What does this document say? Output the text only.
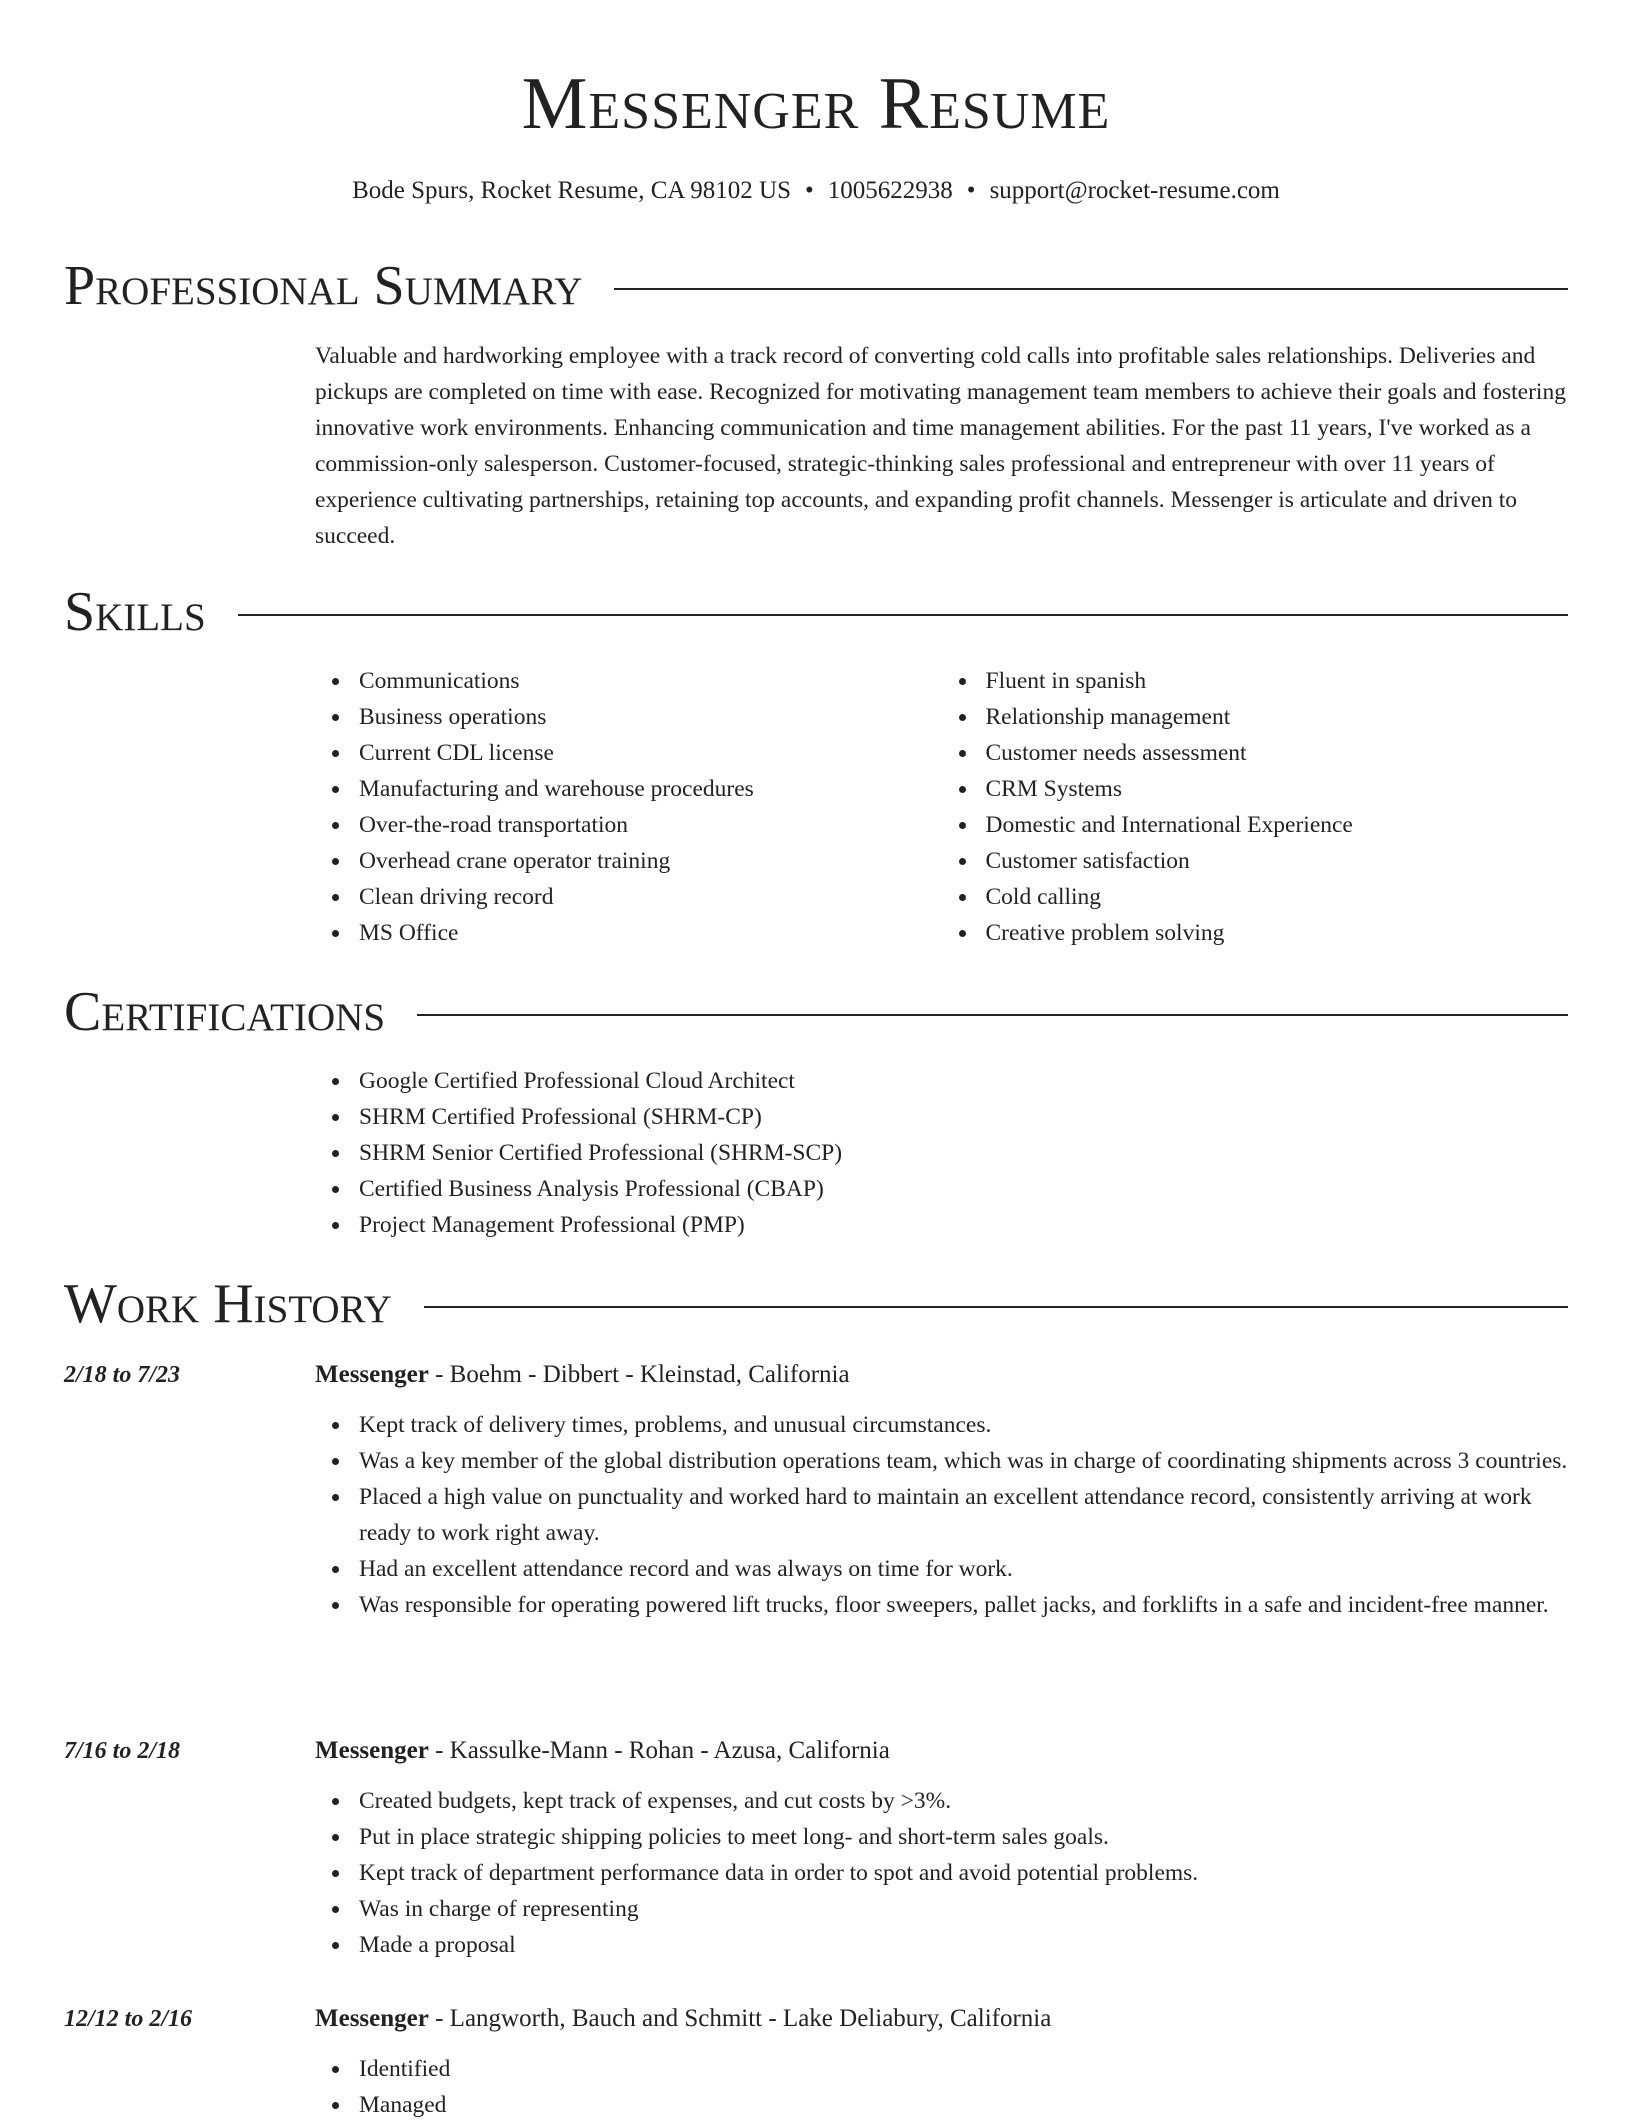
Messenger Resume
Bode Spurs, Rocket Resume, CA 98102 US • 1005622938 • support@rocket-resume.com
Professional Summary

Valuable and hardworking employee with a track record of converting cold calls into profitable sales relationships. Deliveries and pickups are completed on time with ease. Recognized for motivating management team members to achieve their goals and fostering innovative work environments. Enhancing communication and time management abilities. For the past 11 years, I've worked as a commission-only salesperson. Customer-focused, strategic-thinking sales professional and entrepreneur with over 11 years of experience cultivating partnerships, retaining top accounts, and expanding profit channels. Messenger is articulate and driven to succeed.

Skills
Communications
Business operations
Current CDL license
Manufacturing and warehouse procedures
Over-the-road transportation
Overhead crane operator training
Clean driving record
MS Office
Fluent in spanish
Relationship management
Customer needs assessment
CRM Systems
Domestic and International Experience
Customer satisfaction
Cold calling
Creative problem solving
Certifications
Google Certified Professional Cloud Architect
SHRM Certified Professional (SHRM-CP)
SHRM Senior Certified Professional (SHRM-SCP)
Certified Business Analysis Professional (CBAP)
Project Management Professional (PMP)
Work History
2/18 to 7/23	Messenger - Boehm - Dibbert - Kleinstad, California
Kept track of delivery times, problems, and unusual circumstances.
Was a key member of the global distribution operations team, which was in charge of coordinating shipments across 3 countries.
Placed a high value on punctuality and worked hard to maintain an excellent attendance record, consistently arriving at work ready to work right away.
Had an excellent attendance record and was always on time for work.
Was responsible for operating powered lift trucks, floor sweepers, pallet jacks, and forklifts in a safe and incident-free manner.
7/16 to 2/18	Messenger - Kassulke-Mann - Rohan - Azusa, California
Created budgets, kept track of expenses, and cut costs by >3%.
Put in place strategic shipping policies to meet long- and short-term sales goals.
Kept track of department performance data in order to spot and avoid potential problems.
Was in charge of representing
Made a proposal
12/12 to 2/16	Messenger - Langworth, Bauch and Schmitt - Lake Deliabury, California
Identified
Managed
